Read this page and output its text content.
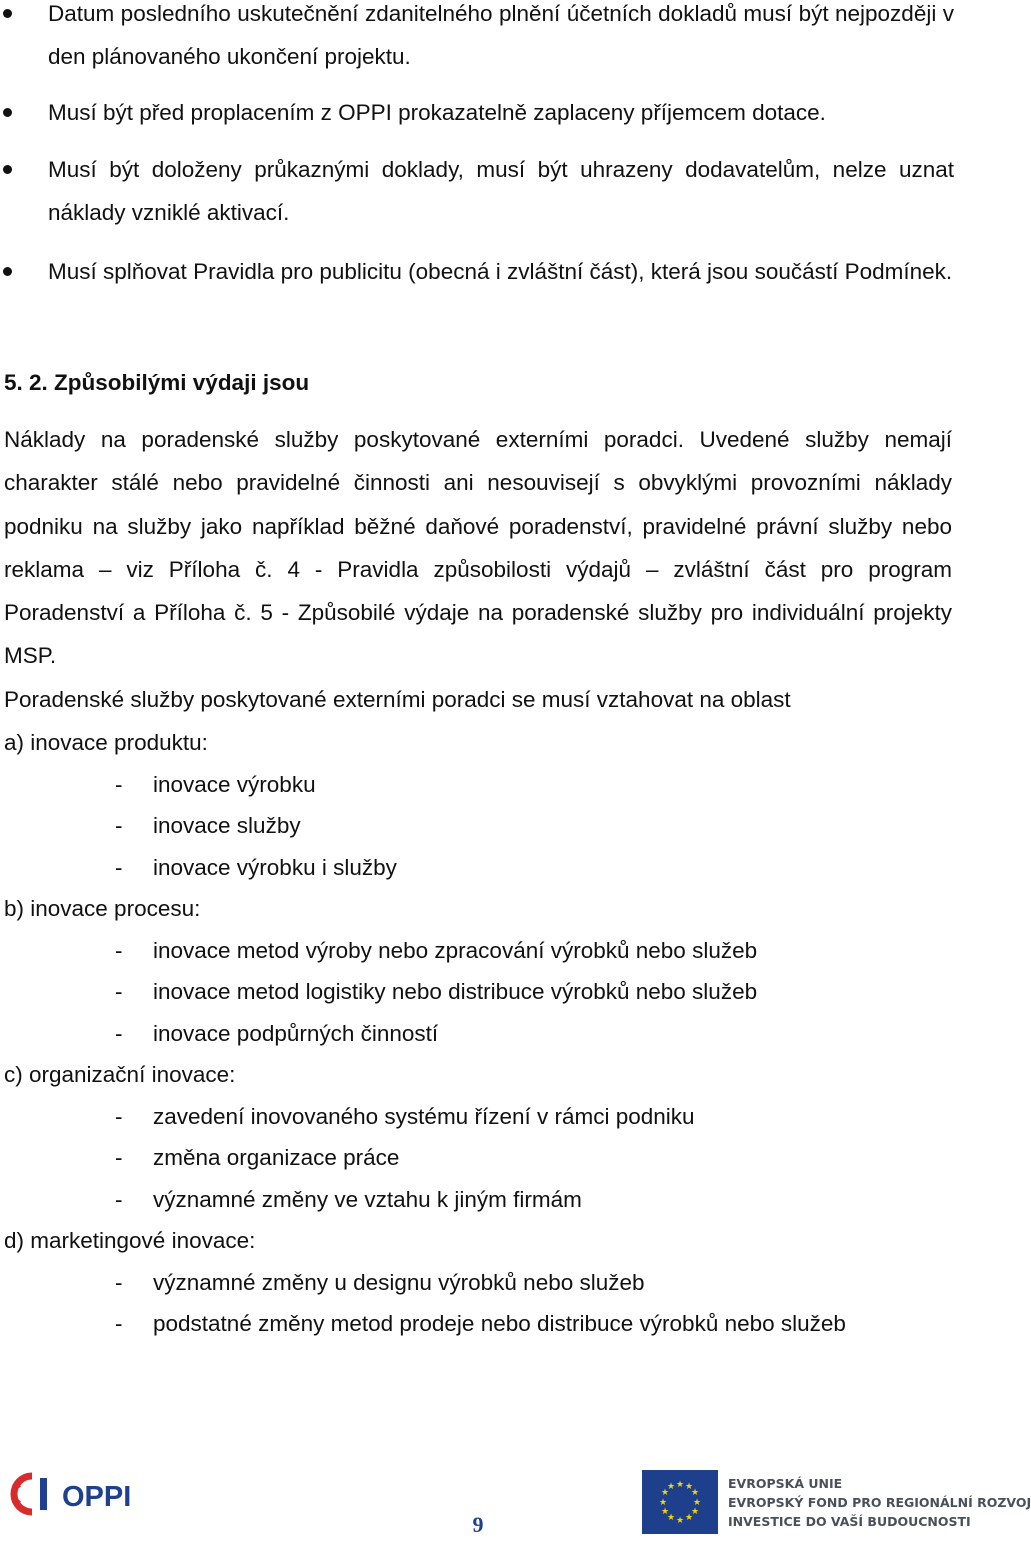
Datum posledního uskutečnění zdanitelného plnění účetních dokladů musí být nejpozději v den plánovaného ukončení projektu.
Musí být před proplacením z OPPI prokazatelně zaplaceny příjemcem dotace.
Musí být doloženy průkaznými doklady, musí být uhrazeny dodavatelům, nelze uznat náklady vzniklé aktivací.
Musí splňovat Pravidla pro publicitu (obecná i zvláštní část), která jsou součástí Podmínek.
5. 2. Způsobilými výdaji jsou

Náklady na poradenské služby poskytované externími poradci. Uvedené služby nemají charakter stálé nebo pravidelné činnosti ani nesouvisejí s obvyklými provozními náklady podniku na služby jako například běžné daňové poradenství, pravidelné právní služby nebo reklama – viz Příloha č. 4 - Pravidla způsobilosti výdajů – zvláštní část pro program Poradenství a Příloha č. 5 - Způsobilé výdaje na poradenské služby pro individuální projekty MSP.

Poradenské služby poskytované externími poradci se musí vztahovat na oblast

a) inovace produktu:
- inovace výrobku
- inovace služby
- inovace výrobku i služby
b) inovace procesu:
- inovace metod výroby nebo zpracování výrobků nebo služeb
- inovace metod logistiky nebo distribuce výrobků nebo služeb
- inovace podpůrných činností
c) organizační inovace:
- zavedení inovovaného systému řízení v rámci podniku
- změna organizace práce
- významné změny ve vztahu k jiným firmám
d) marketingové inovace:
- významné změny u designu výrobků nebo služeb
- podstatné změny metod prodeje nebo distribuce výrobků nebo služeb
OPPI
9
★ ★
★
★
★
★
★
★
★
★
★
★	EVROPSKÁ UNIE
EVROPSKÝ FOND PRO REGIONÁLNÍ ROZVOJ
INVESTICE DO VAŠÍ BUDOUCNOSTI
